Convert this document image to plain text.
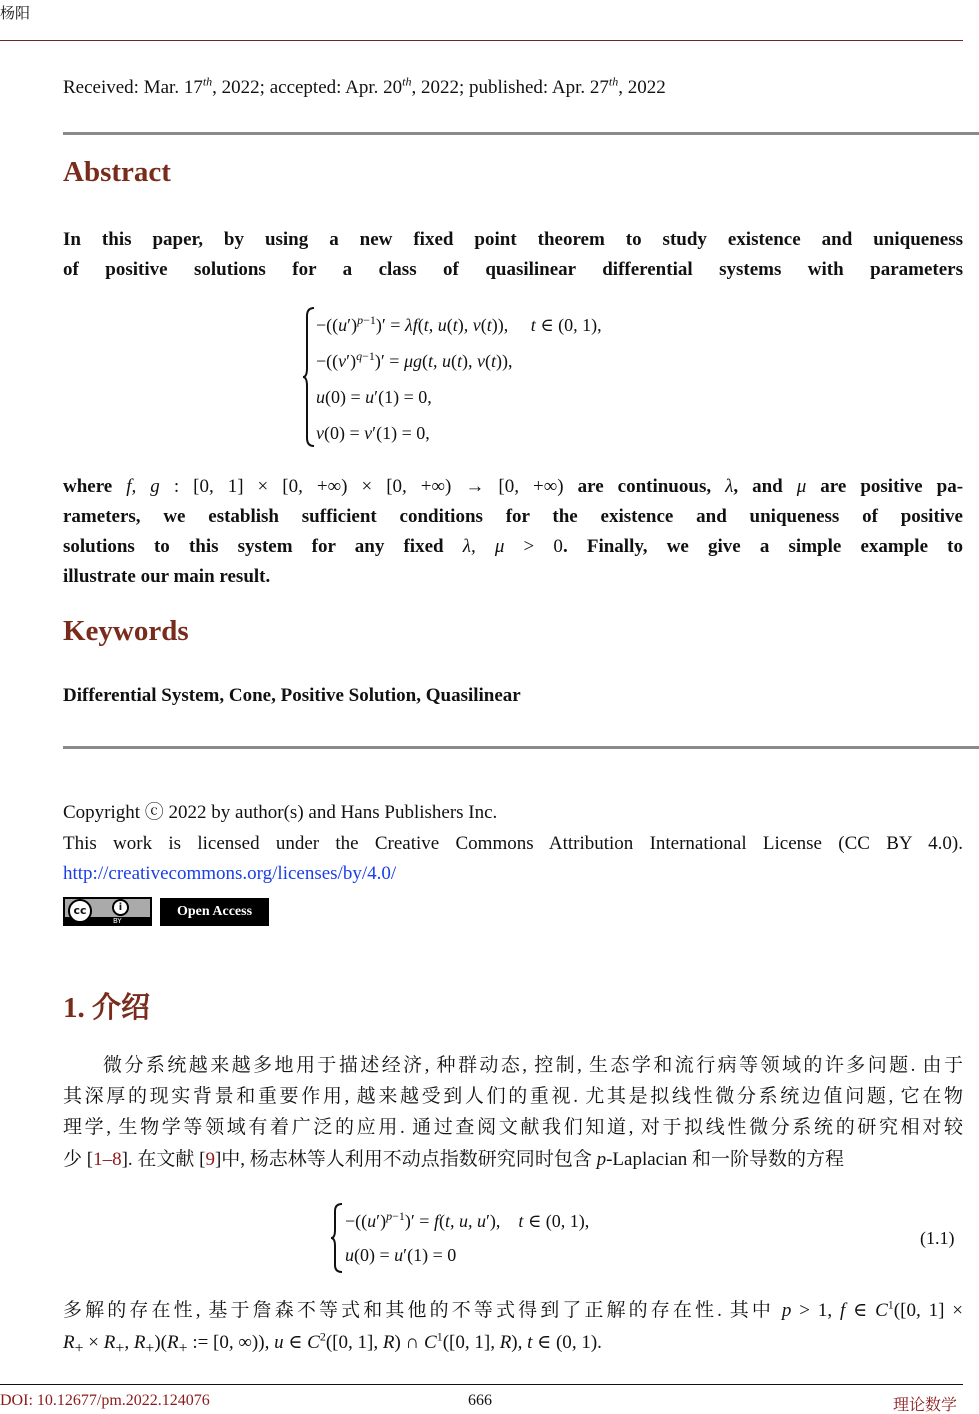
杨阳
Received: Mar. 17th, 2022; accepted: Apr. 20th, 2022; published: Apr. 27th, 2022
Abstract
In this paper, by using a new fixed point theorem to study existence and uniqueness
of positive solutions for a class of quasilinear differential systems with parameters
$-((u')^{p-1})' = \lambda f(t$, u(t), v(t)),     t ∈ (0, 1),
$-((v')^{q-1})' = \mu g(t$, u(t), v(t)),
u(0) = u′(1) = 0,
v(0) = v′(1) = 0,
where f, g : [0, 1] × [0, +∞) × [0, +∞) → [0, +∞) are continuous, λ, and μ are positive pa-
rameters, we establish sufficient conditions for the existence and uniqueness of positive
solutions to this system for any fixed λ, μ > 0. Finally, we give a simple example to
illustrate our main result.
Keywords
Differential System, Cone, Positive Solution, Quasilinear
Copyright ⓒ 2022 by author(s) and Hans Publishers Inc.
This work is licensed under the Creative Commons Attribution International License (CC BY 4.0).
http://creativecommons.org/licenses/by/4.0/
cc	i
BY
Open Access
1. 介绍
微分系统越来越多地用于描述经济, 种群动态, 控制, 生态学和流行病等领域的许多问题. 由于
其深厚的现实背景和重要作用, 越来越受到人们的重视. 尤其是拟线性微分系统边值问题, 它在物
理学, 生物学等领域有着广泛的应用. 通过查阅文献我们知道, 对于拟线性微分系统的研究相对较
少 [1–8]. 在文献 [9]中, 杨志林等人利用不动点指数研究同时包含 p-Laplacian 和一阶导数的方程
$-((u')^{p-1})' = f(t$, u, u′),    t ∈ (0, 1),
u(0) = u′(1) = 0
(1.1)
多解的存在性, 基于詹森不等式和其他的不等式得到了正解的存在性. 其中 p > 1, f ∈ $C^1([0$, 1] ×
$R_+ \times R_+$, $R_+)(R_+$ := [0, ∞)), u ∈ $C^2([0$, 1], R) ∩ $C^1([0$, 1], R), t ∈ (0, 1).
DOI: 10.12677/pm.2022.124076	666	理论数学
